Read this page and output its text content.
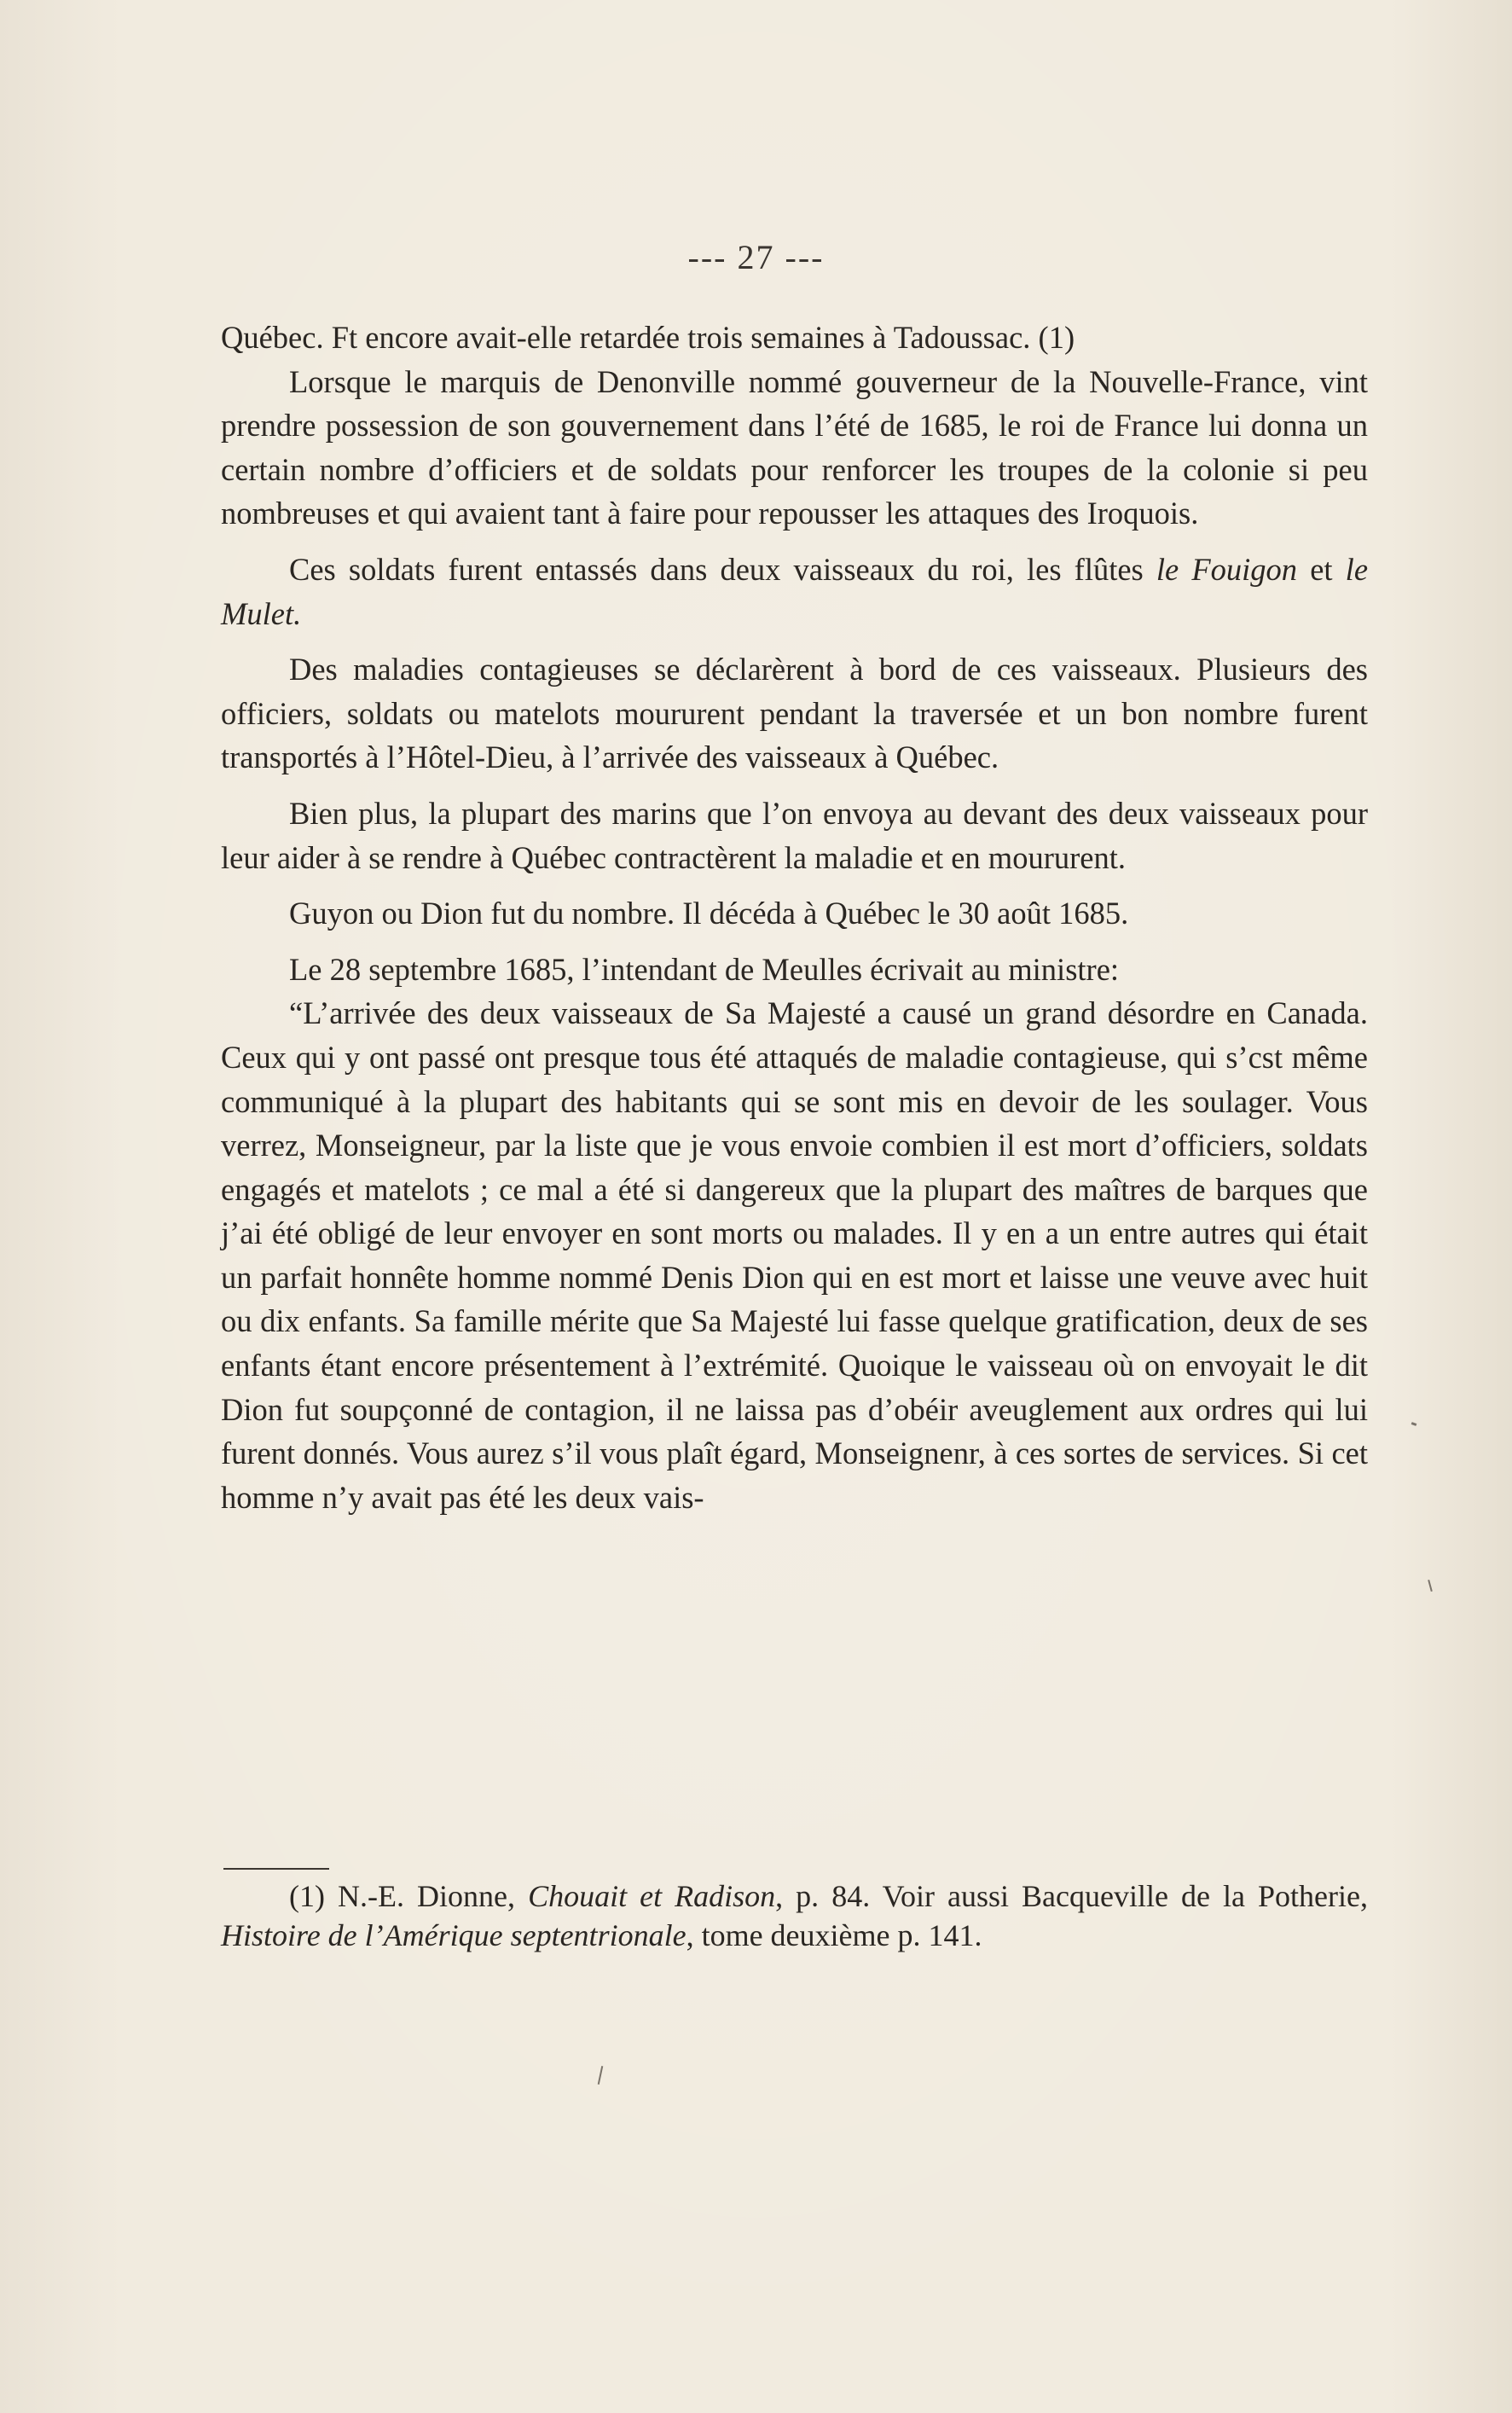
--- 27 ---

Québec. Ft encore avait-elle retardée trois semaines à Tadoussac. (1)

Lorsque le marquis de Denonville nommé gouverneur de la Nouvelle-France, vint prendre possession de son gouvernement dans l’été de 1685, le roi de France lui donna un certain nombre d’officiers et de soldats pour renforcer les troupes de la colonie si peu nombreuses et qui avaient tant à faire pour repousser les attaques des Iroquois.

Ces soldats furent entassés dans deux vaisseaux du roi, les flûtes le Fouigon et le Mulet.

Des maladies contagieuses se déclarèrent à bord de ces vaisseaux. Plusieurs des officiers, soldats ou matelots moururent pendant la traversée et un bon nombre furent transportés à l’Hôtel-Dieu, à l’arrivée des vaisseaux à Québec.

Bien plus, la plupart des marins que l’on envoya au devant des deux vaisseaux pour leur aider à se rendre à Québec contractèrent la maladie et en moururent.

Guyon ou Dion fut du nombre. Il décéda à Québec le 30 août 1685.

Le 28 septembre 1685, l’intendant de Meulles écrivait au ministre:

“L’arrivée des deux vaisseaux de Sa Majesté a causé un grand désordre en Canada. Ceux qui y ont passé ont presque tous été attaqués de maladie contagieuse, qui s’cst même communiqué à la plupart des habitants qui se sont mis en devoir de les soulager. Vous verrez, Monseigneur, par la liste que je vous envoie combien il est mort d’officiers, soldats engagés et matelots ; ce mal a été si dangereux que la plupart des maîtres de barques que j’ai été obligé de leur envoyer en sont morts ou malades. Il y en a un entre autres qui était un parfait honnête homme nommé Denis Dion qui en est mort et laisse une veuve avec huit ou dix enfants. Sa famille mérite que Sa Majesté lui fasse quelque gratification, deux de ses enfants étant encore présentement à l’extrémité. Quoique le vaisseau où on envoyait le dit Dion fut soupçonné de contagion, il ne laissa pas d’obéir aveuglement aux ordres qui lui furent donnés. Vous aurez s’il vous plaît égard, Monseignenr, à ces sortes de services. Si cet homme n’y avait pas été les deux vais-

(1) N.-E. Dionne, Chouait et Radison, p. 84. Voir aussi Bacqueville de la Potherie, Histoire de l’Amérique septentrionale, tome deuxième p. 141.
